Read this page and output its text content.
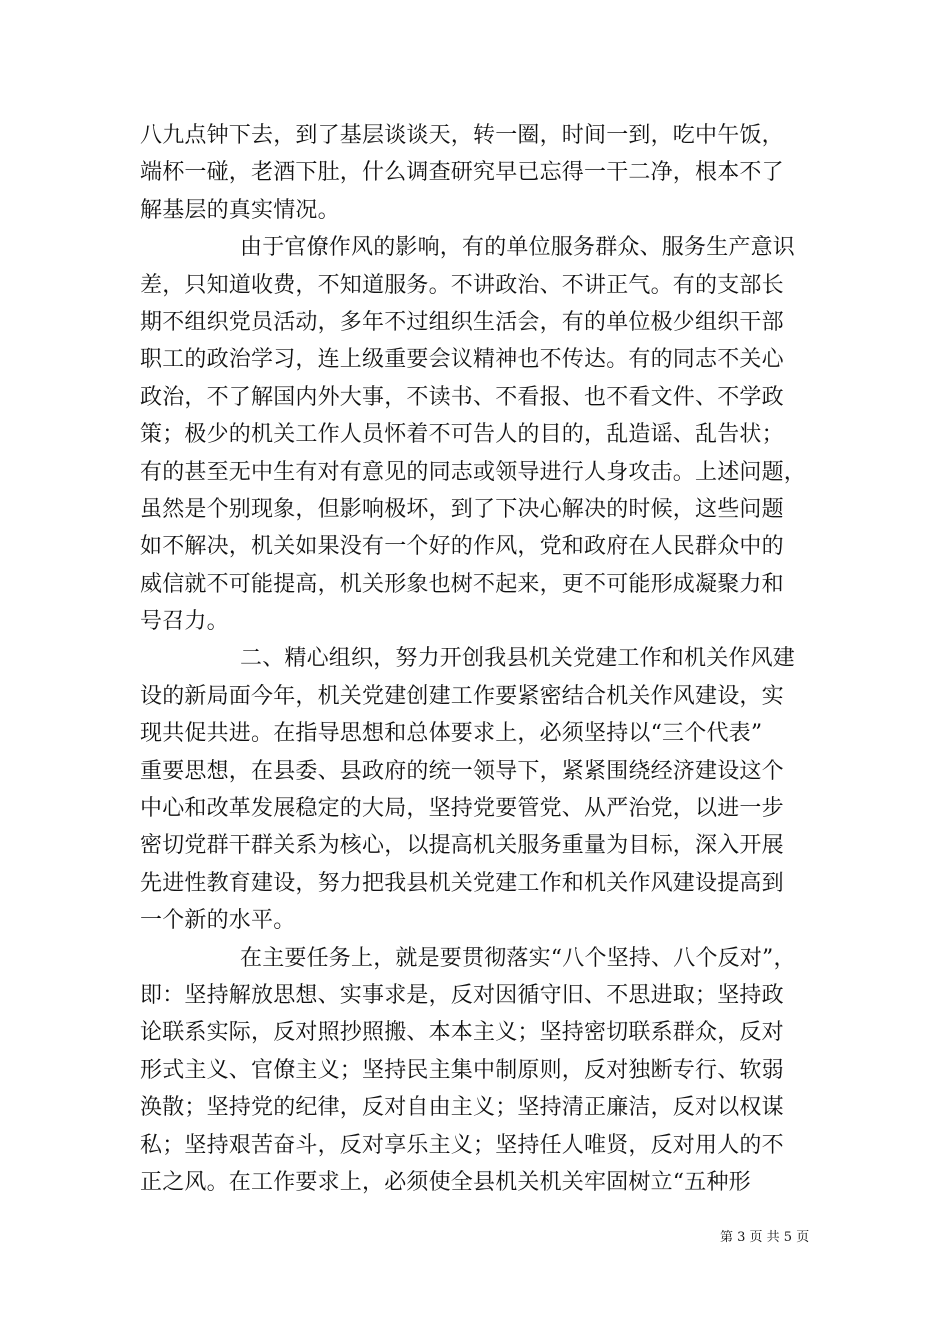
八九点钟下去，到了基层谈谈天，转一圈，时间一到，吃中午饭，
端杯一碰，老酒下肚，什么调查研究早已忘得一干二净，根本不了
解基层的真实情况。
由于官僚作风的影响，有的单位服务群众、服务生产意识
差，只知道收费，不知道服务。不讲政治、不讲正气。有的支部长
期不组织党员活动，多年不过组织生活会，有的单位极少组织干部
职工的政治学习，连上级重要会议精神也不传达。有的同志不关心
政治，不了解国内外大事，不读书、不看报、也不看文件、不学政
策；极少的机关工作人员怀着不可告人的目的，乱造谣、乱告状；
有的甚至无中生有对有意见的同志或领导进行人身攻击。上述问题，
虽然是个别现象，但影响极坏，到了下决心解决的时候，这些问题
如不解决，机关如果没有一个好的作风，党和政府在人民群众中的
威信就不可能提高，机关形象也树不起来，更不可能形成凝聚力和
号召力。
二、精心组织，努力开创我县机关党建工作和机关作风建
设的新局面今年，机关党建创建工作要紧密结合机关作风建设，实
现共促共进。在指导思想和总体要求上，必须坚持以“三个代表”
重要思想，在县委、县政府的统一领导下，紧紧围绕经济建设这个
中心和改革发展稳定的大局，坚持党要管党、从严治党，以进一步
密切党群干群关系为核心，以提高机关服务重量为目标，深入开展
先进性教育建设，努力把我县机关党建工作和机关作风建设提高到
一个新的水平。
在主要任务上，就是要贯彻落实“八个坚持、八个反对”，
即：坚持解放思想、实事求是，反对因循守旧、不思进取；坚持政
论联系实际，反对照抄照搬、本本主义；坚持密切联系群众，反对
形式主义、官僚主义；坚持民主集中制原则，反对独断专行、软弱
涣散；坚持党的纪律，反对自由主义；坚持清正廉洁，反对以权谋
私；坚持艰苦奋斗，反对享乐主义；坚持任人唯贤，反对用人的不
正之风。在工作要求上，必须使全县机关机关牢固树立“五种形
第 3 页 共 5 页
